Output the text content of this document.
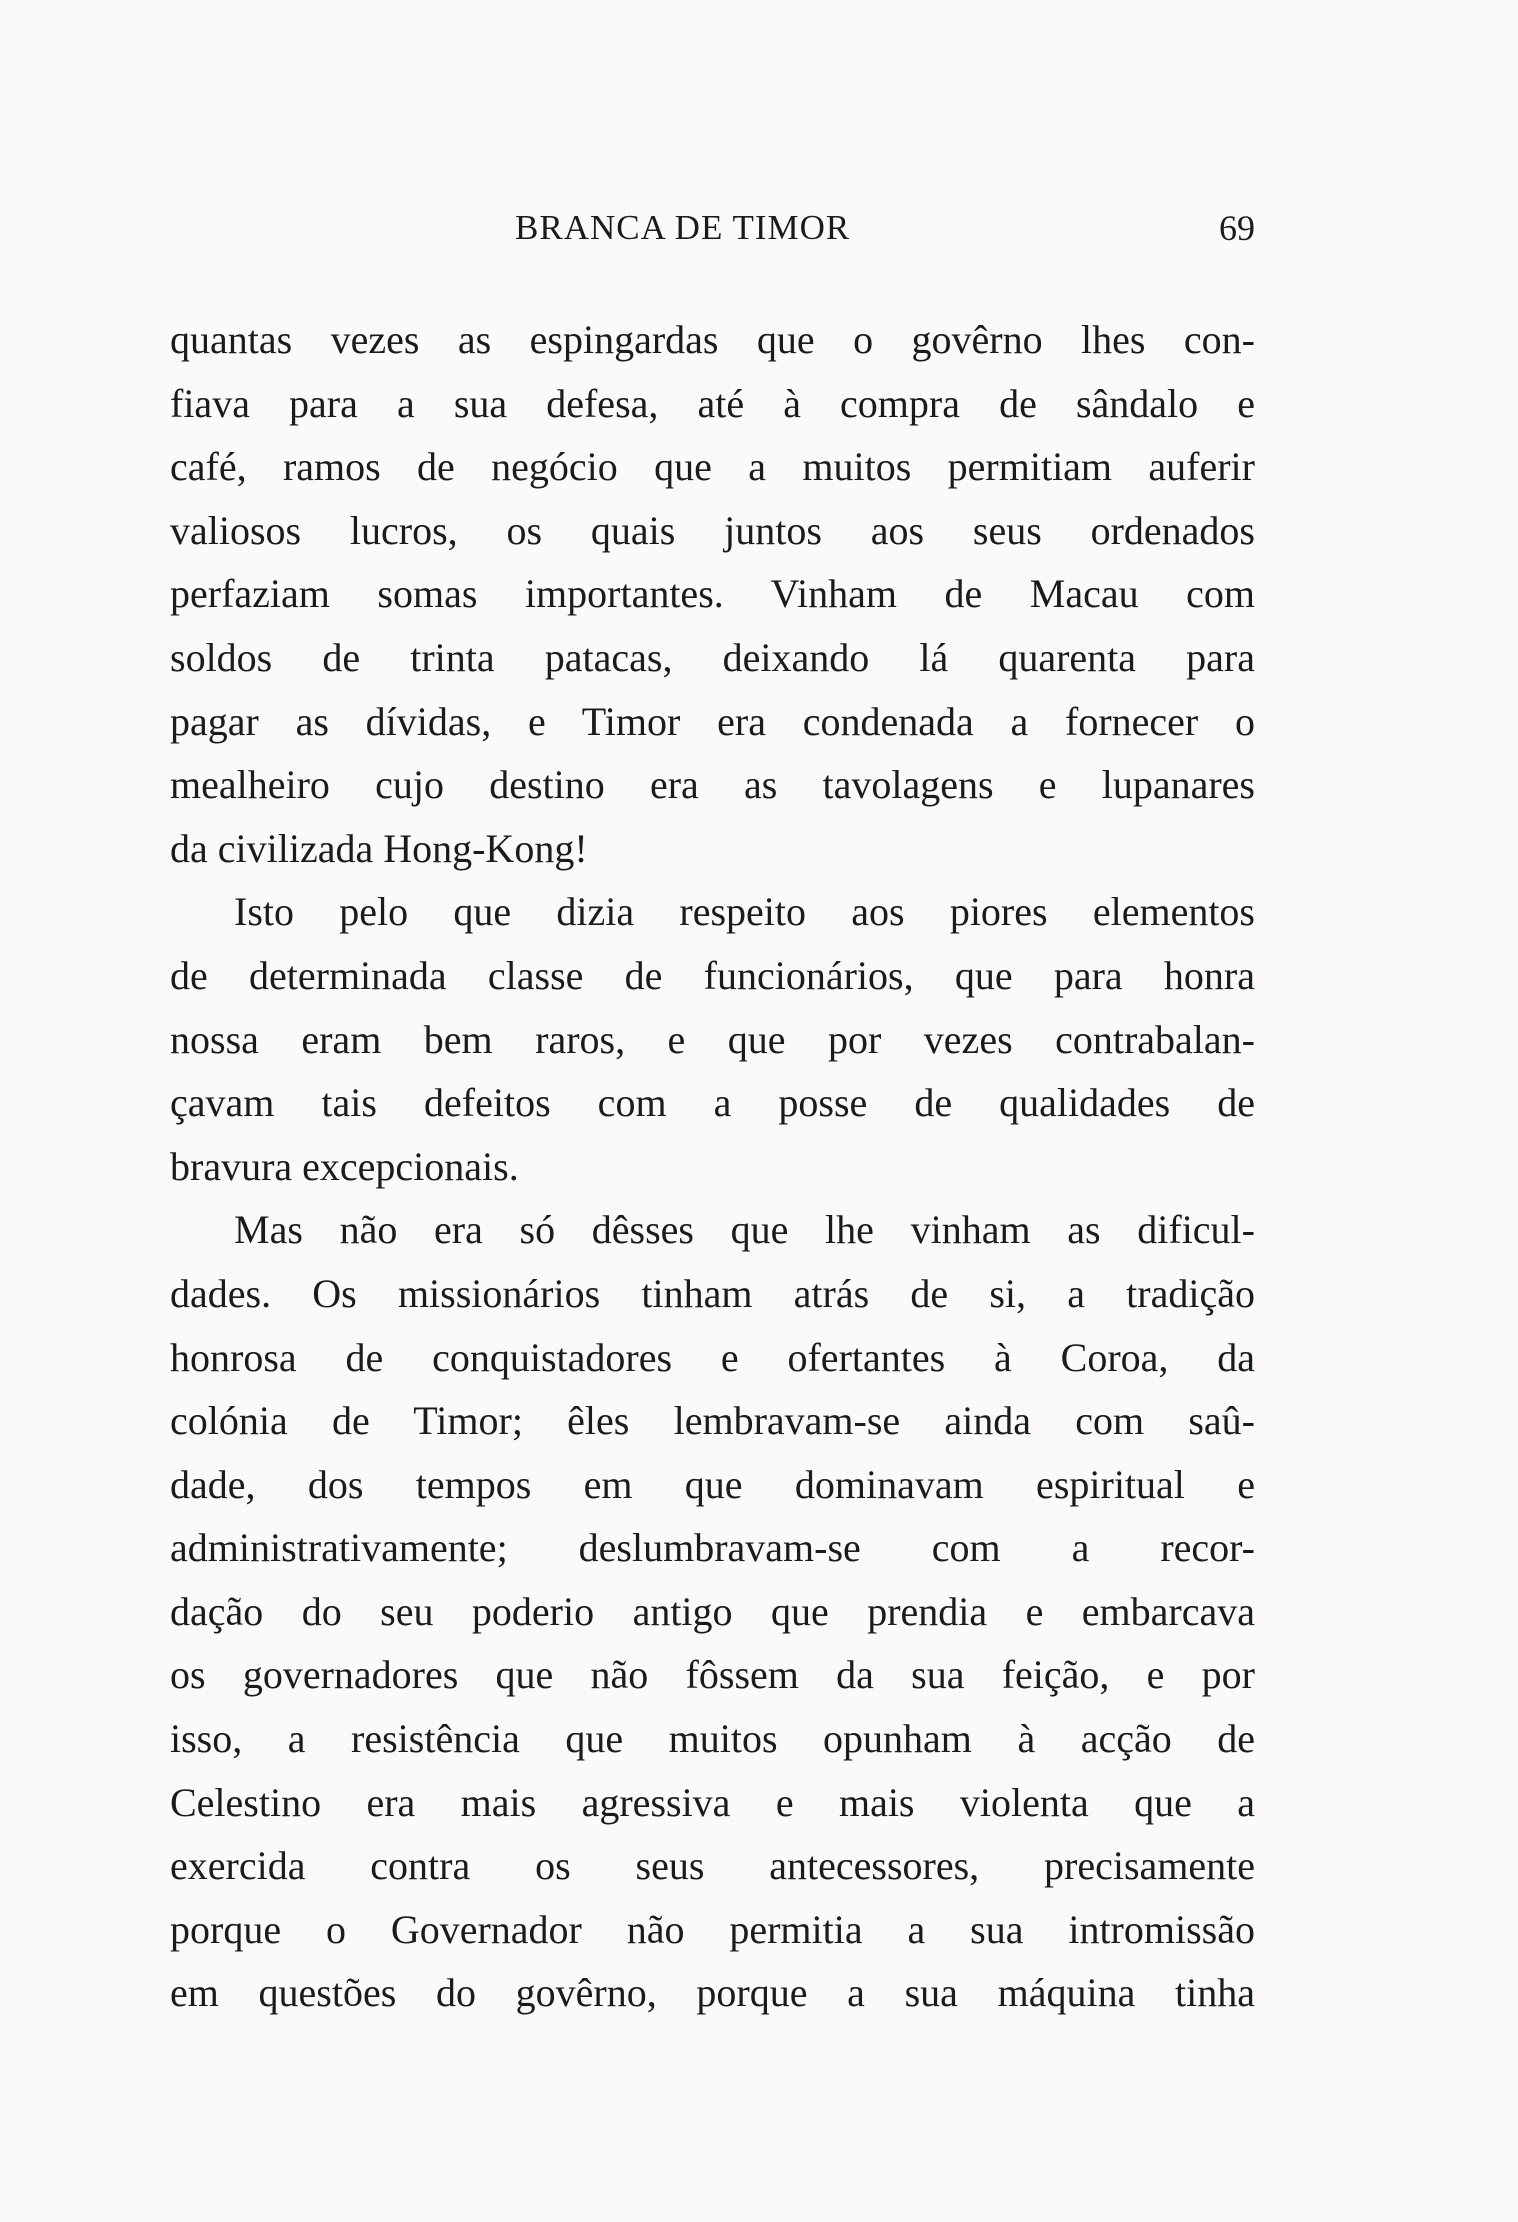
BRANCA DE TIMOR	69
quantas vezes as espingardas que o govêrno lhes con-
fiava para a sua defesa, até à compra de sândalo e
café, ramos de negócio que a muitos permitiam auferir
valiosos lucros, os quais juntos aos seus ordenados
perfaziam somas importantes. Vinham de Macau com
soldos de trinta patacas, deixando lá quarenta para
pagar as dívidas, e Timor era condenada a fornecer o
mealheiro cujo destino era as tavolagens e lupanares
da civilizada Hong-Kong!
Isto pelo que dizia respeito aos piores elementos
de determinada classe de funcionários, que para honra
nossa eram bem raros, e que por vezes contrabalan-
çavam tais defeitos com a posse de qualidades de
bravura excepcionais.
Mas não era só dêsses que lhe vinham as dificul-
dades. Os missionários tinham atrás de si, a tradição
honrosa de conquistadores e ofertantes à Coroa, da
colónia de Timor; êles lembravam-se ainda com saû-
dade, dos tempos em que dominavam espiritual e
administrativamente; deslumbravam-se com a recor-
dação do seu poderio antigo que prendia e embarcava
os governadores que não fôssem da sua feição, e por
isso, a resistência que muitos opunham à acção de
Celestino era mais agressiva e mais violenta que a
exercida contra os seus antecessores, precisamente
porque o Governador não permitia a sua intromissão
em questões do govêrno, porque a sua máquina tinha
